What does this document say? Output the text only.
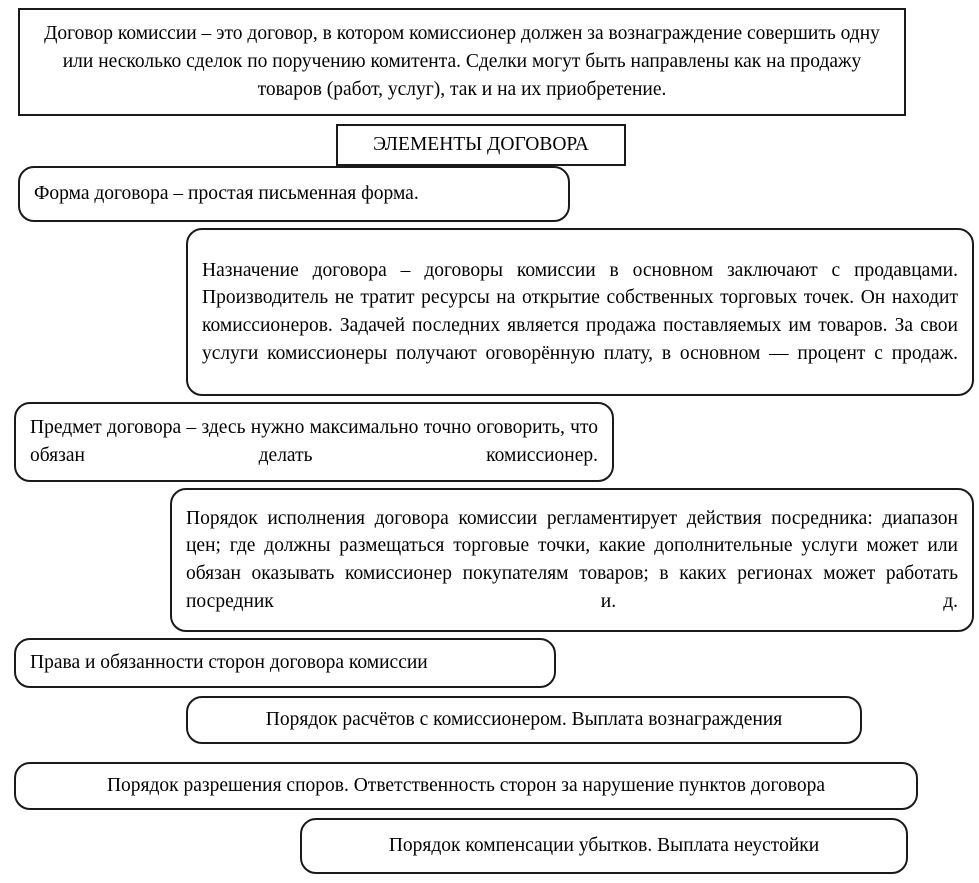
Договор комиссии – это договор, в котором комиссионер должен за вознаграждение совершить одну или несколько сделок по поручению комитента. Сделки могут быть направлены как на продажу товаров (работ, услуг), так и на их приобретение.
ЭЛЕМЕНТЫ ДОГОВОРА
Форма договора – простая письменная форма.
Назначение договора – договоры комиссии в основном заключают с продавцами. Производитель не тратит ресурсы на открытие собственных торговых точек. Он находит комиссионеров. Задачей последних является продажа поставляемых им товаров. За свои услуги комиссионеры получают оговорённую плату, в основном — процент с продаж.
Предмет договора – здесь нужно максимально точно оговорить, что обязан делать комиссионер.
Порядок исполнения договора комиссии регламентирует действия посредника: диапазон цен; где должны размещаться торговые точки, какие дополнительные услуги может или обязан оказывать комиссионер покупателям товаров; в каких регионах может работать посредник и. д.
Права и обязанности сторон договора комиссии
Порядок расчётов с комиссионером. Выплата вознаграждения
Порядок разрешения споров. Ответственность сторон за нарушение пунктов договора
Порядок компенсации убытков. Выплата неустойки
